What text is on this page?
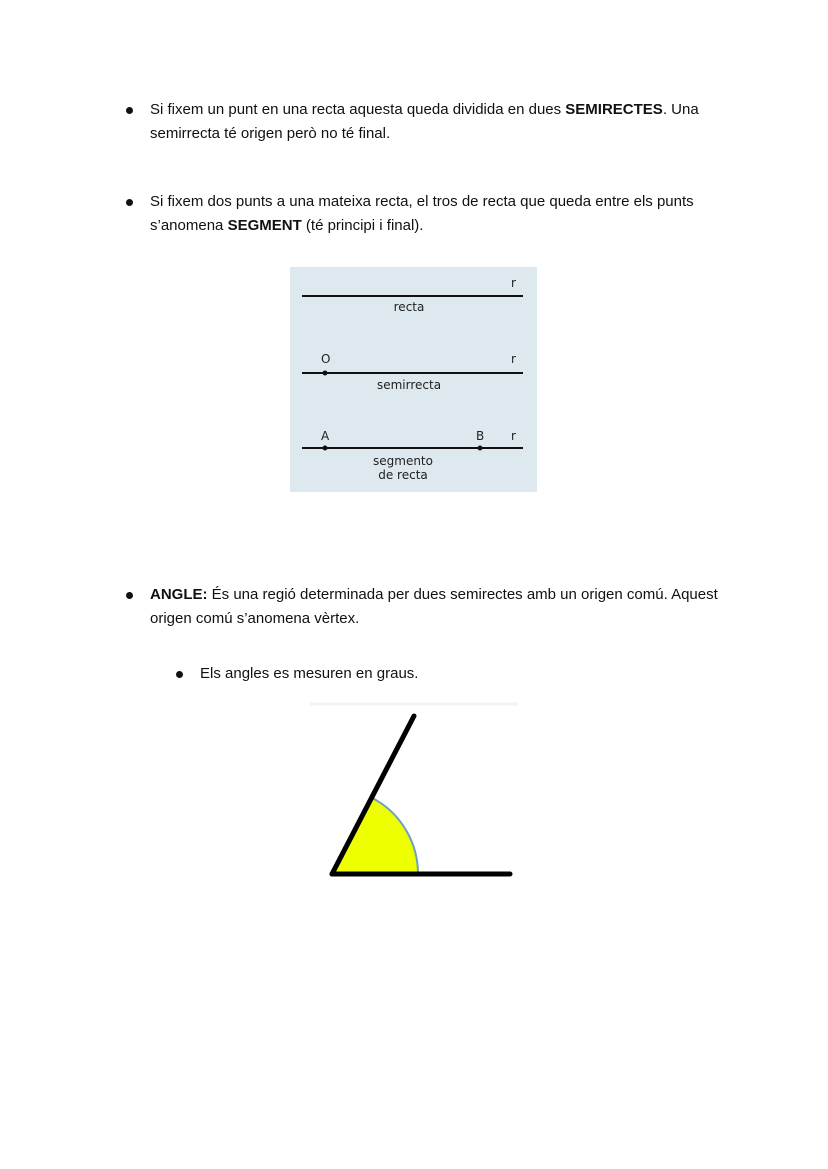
Si fixem un punt en una recta aquesta queda dividida en dues SEMIRECTES. Una semirrecta té origen però no té final.
Si fixem dos punts a una mateixa recta, el tros de recta que queda entre els punts s’anomena SEGMENT (té principi i final).
r
recta
O	r
semirrecta
A	B r
segmento
de recta
ANGLE: És una regió determinada per dues semirectes amb un origen comú. Aquest origen comú s’anomena vèrtex.
Els angles es mesuren en graus.
